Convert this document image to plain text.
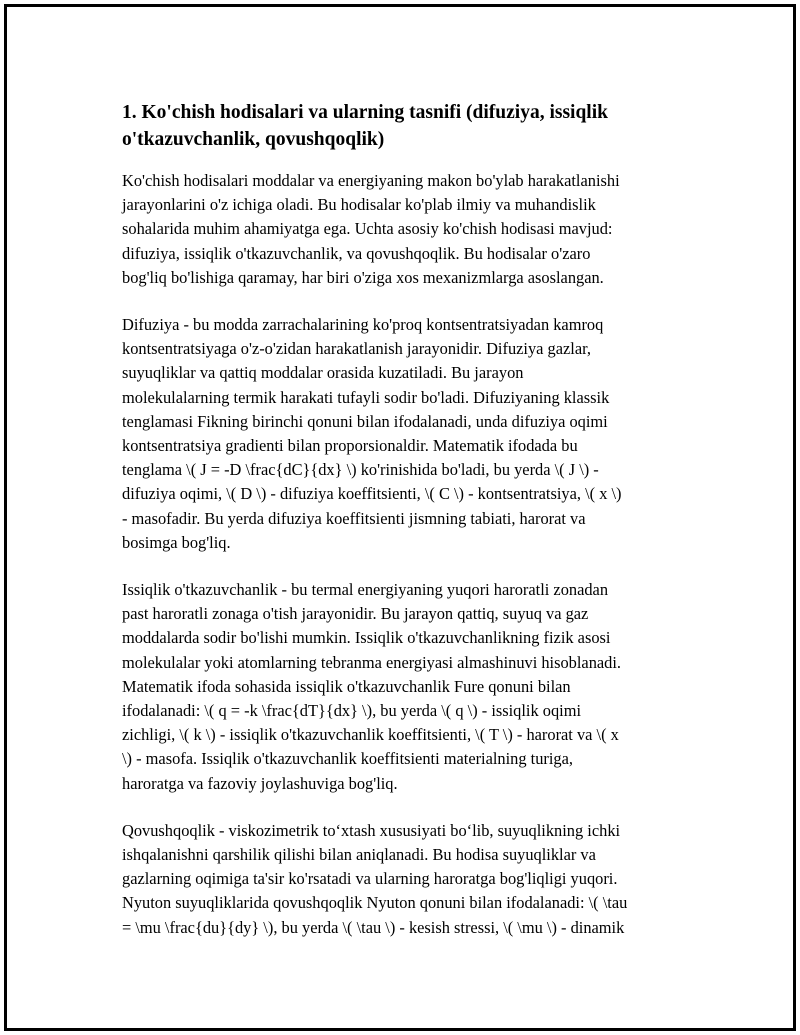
1. Ko'chish hodisalari va ularning tasnifi (difuziya, issiqlik
o'tkazuvchanlik, qovushqoqlik)

Ko'chish hodisalari moddalar va energiyaning makon bo'ylab harakatlanishi
jarayonlarini o'z ichiga oladi. Bu hodisalar ko'plab ilmiy va muhandislik
sohalarida muhim ahamiyatga ega. Uchta asosiy ko'chish hodisasi mavjud:
difuziya, issiqlik o'tkazuvchanlik, va qovushqoqlik. Bu hodisalar o'zaro
bog'liq bo'lishiga qaramay, har biri o'ziga xos mexanizmlarga asoslangan.

Difuziya - bu modda zarrachalarining ko'proq kontsentratsiyadan kamroq
kontsentratsiyaga o'z-o'zidan harakatlanish jarayonidir. Difuziya gazlar,
suyuqliklar va qattiq moddalar orasida kuzatiladi. Bu jarayon
molekulalarning termik harakati tufayli sodir bo'ladi. Difuziyaning klassik
tenglamasi Fikning birinchi qonuni bilan ifodalanadi, unda difuziya oqimi
kontsentratsiya gradienti bilan proporsionaldir. Matematik ifodada bu
tenglama \( J = -D \frac{dC}{dx} \) ko'rinishida bo'ladi, bu yerda \( J \) -
difuziya oqimi, \( D \) - difuziya koeffitsienti, \( C \) - kontsentratsiya, \( x \)
- masofadir. Bu yerda difuziya koeffitsienti jismning tabiati, harorat va
bosimga bog'liq.

Issiqlik o'tkazuvchanlik - bu termal energiyaning yuqori haroratli zonadan
past haroratli zonaga o'tish jarayonidir. Bu jarayon qattiq, suyuq va gaz
moddalarda sodir bo'lishi mumkin. Issiqlik o'tkazuvchanlikning fizik asosi
molekulalar yoki atomlarning tebranma energiyasi almashinuvi hisoblanadi.
Matematik ifoda sohasida issiqlik o'tkazuvchanlik Fure qonuni bilan
ifodalanadi: \( q = -k \frac{dT}{dx} \), bu yerda \( q \) - issiqlik oqimi
zichligi, \( k \) - issiqlik o'tkazuvchanlik koeffitsienti, \( T \) - harorat va \( x
\) - masofa. Issiqlik o'tkazuvchanlik koeffitsienti materialning turiga,
haroratga va fazoviy joylashuviga bog'liq.

Qovushqoqlik - viskozimetrik to‘xtash xususiyati bo‘lib, suyuqlikning ichki
ishqalanishni qarshilik qilishi bilan aniqlanadi. Bu hodisa suyuqliklar va
gazlarning oqimiga ta'sir ko'rsatadi va ularning haroratga bog'liqligi yuqori.
Nyuton suyuqliklarida qovushqoqlik Nyuton qonuni bilan ifodalanadi: \( \tau
= \mu \frac{du}{dy} \), bu yerda \( \tau \) - kesish stressi, \( \mu \) - dinamik
